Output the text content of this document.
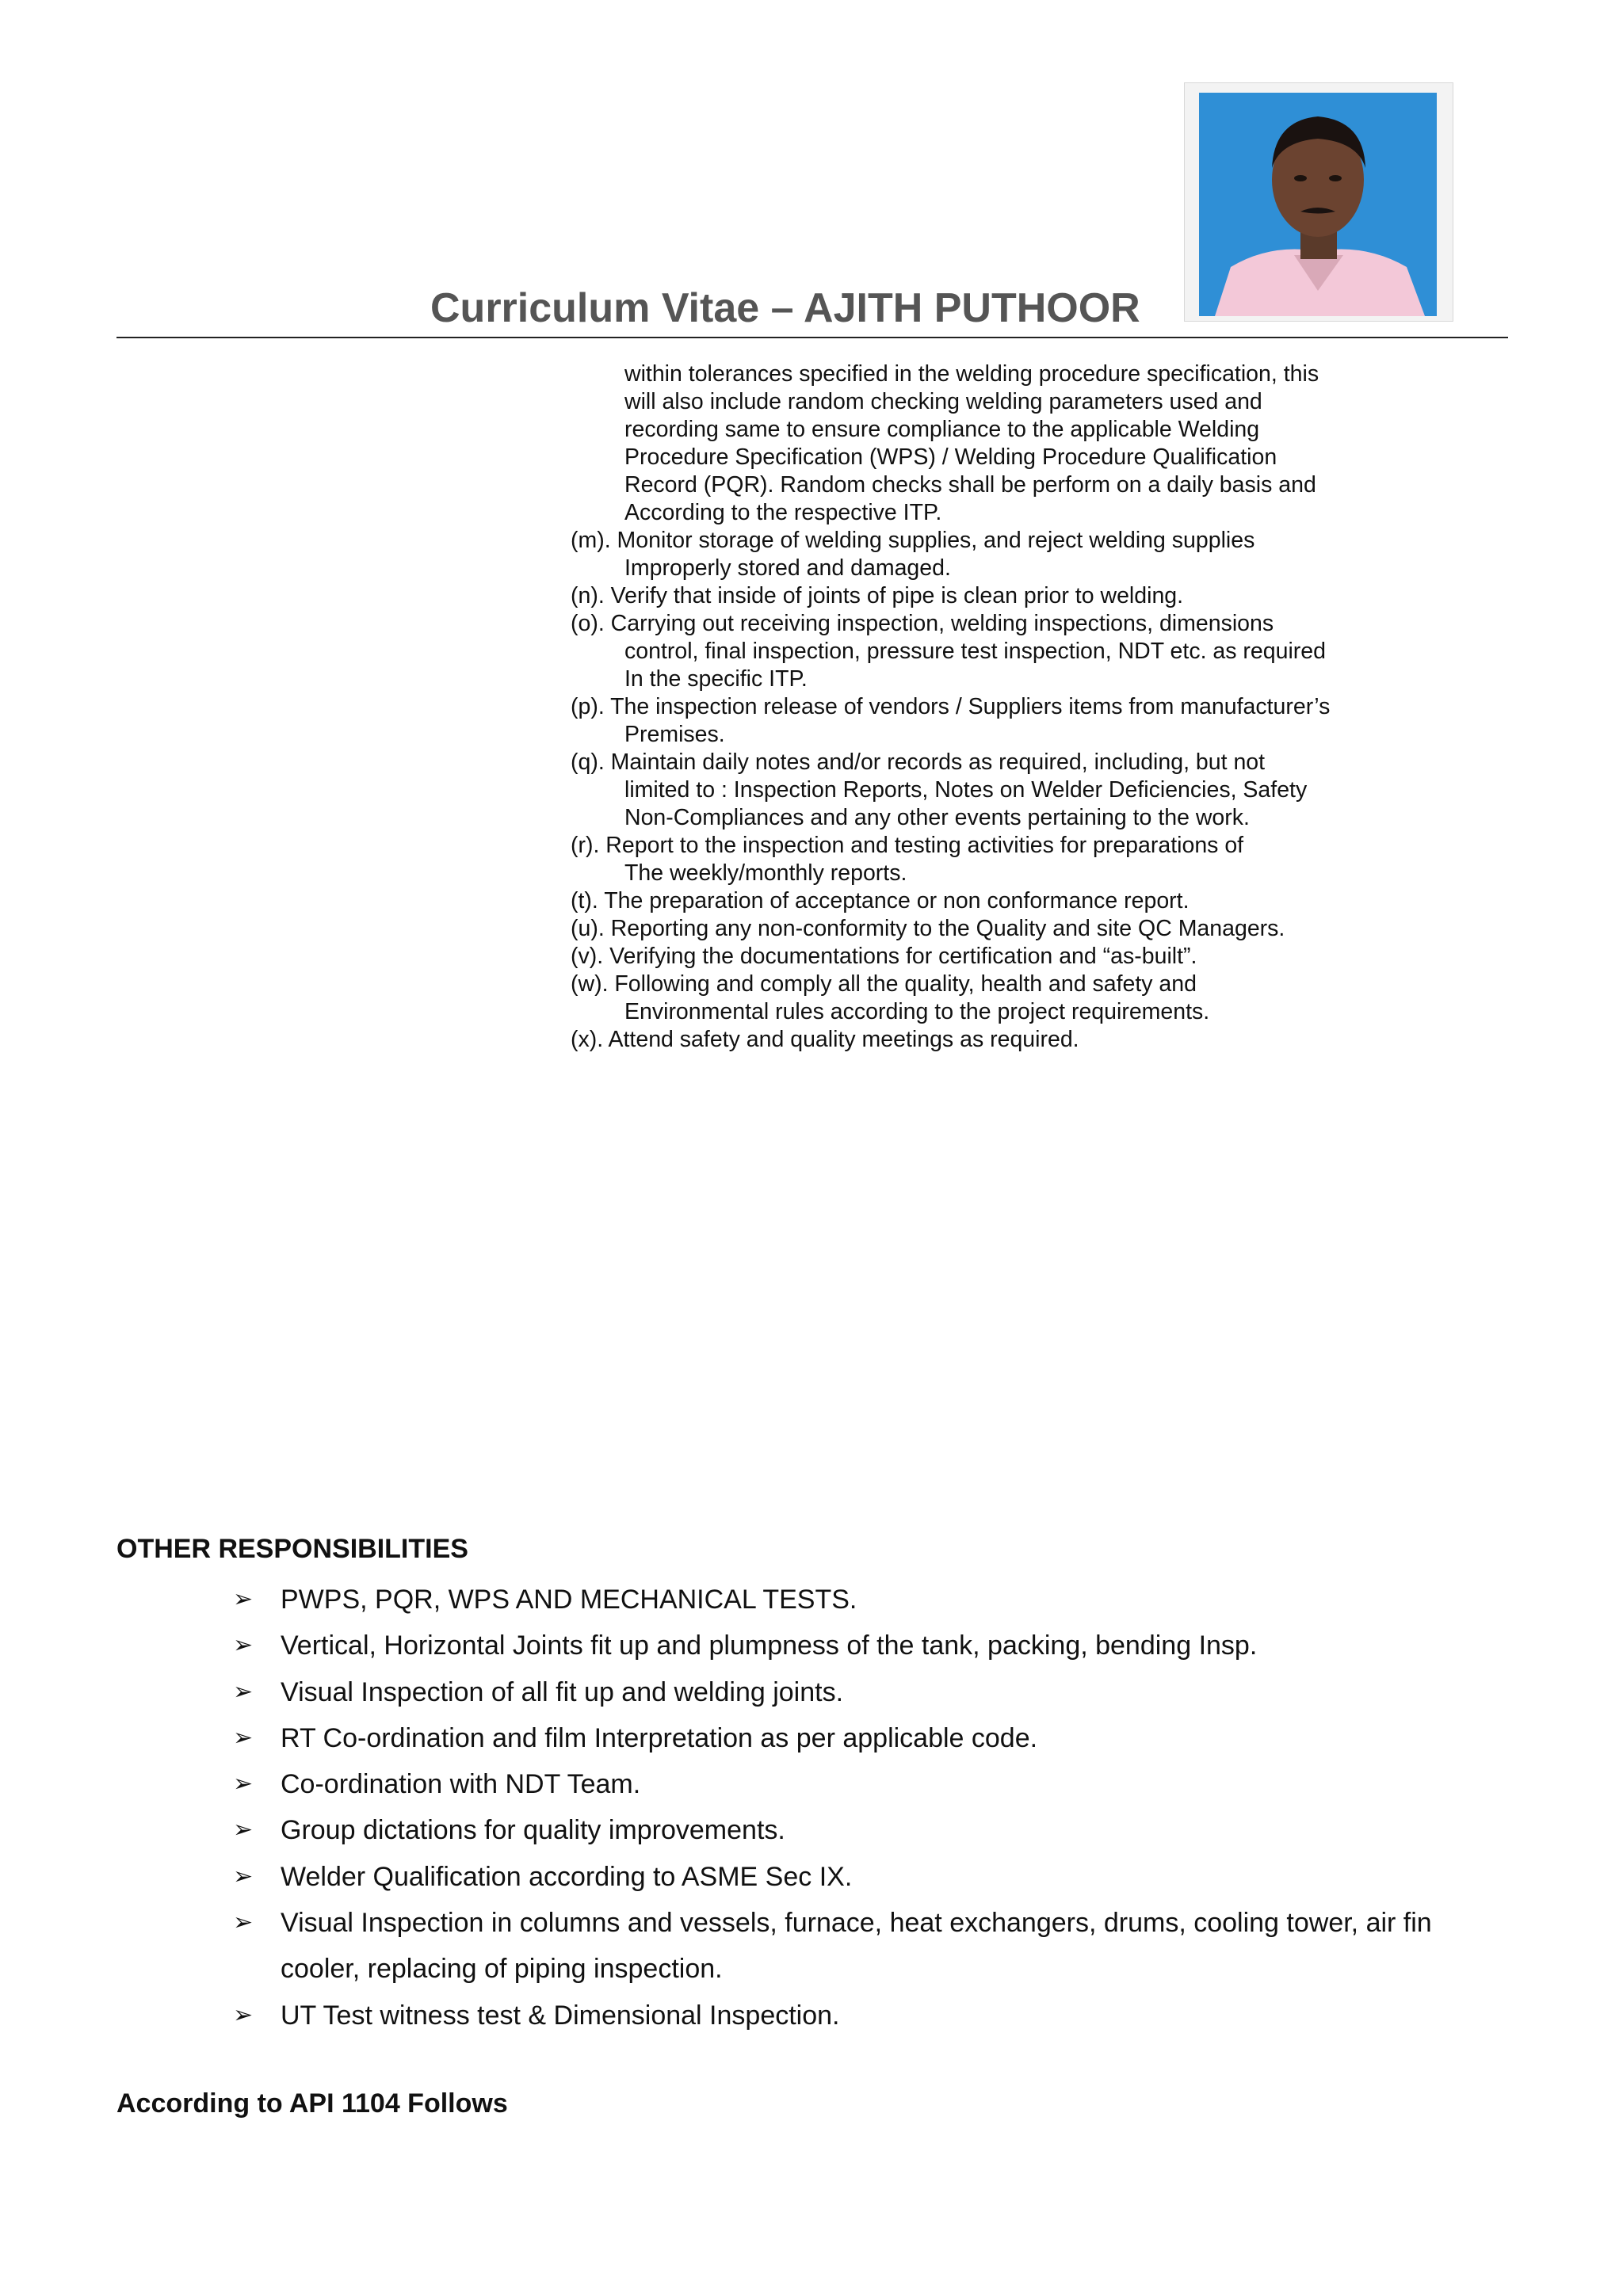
Curriculum Vitae – AJITH PUTHOOR
within tolerances specified in the welding procedure specification, this
will also include random checking welding parameters used and
recording same to ensure compliance to the applicable Welding
Procedure Specification (WPS) / Welding Procedure Qualification
Record (PQR). Random checks shall be perform on a daily basis and
According to the respective ITP.
(m). Monitor storage of welding supplies, and reject welding supplies
Improperly stored and damaged.
(n). Verify that inside of joints of pipe is clean prior to welding.
(o). Carrying out receiving inspection, welding inspections, dimensions
control, final inspection, pressure test inspection, NDT etc. as required
In the specific ITP.
(p). The inspection release of vendors / Suppliers items from manufacturer’s
Premises.
(q). Maintain daily notes and/or records as required, including, but not
limited to : Inspection Reports, Notes on Welder Deficiencies, Safety
Non-Compliances and any other events pertaining to the work.
(r). Report to the inspection and testing activities for preparations of
The weekly/monthly reports.
(t). The preparation of acceptance or non conformance report.
(u). Reporting any non-conformity to the Quality and site QC Managers.
(v). Verifying the documentations for certification and “as-built”.
(w). Following and comply all the quality, health and safety and
Environmental rules according to the project requirements.
(x). Attend safety and quality meetings as required.
OTHER RESPONSIBILITIES
➢ PWPS, PQR, WPS AND MECHANICAL TESTS.
➢ Vertical, Horizontal Joints fit up and plumpness of the tank, packing, bending Insp.
➢ Visual Inspection of all fit up and welding joints.
➢ RT Co-ordination and film Interpretation as per applicable code.
➢ Co-ordination with NDT Team.
➢ Group dictations for quality improvements.
➢ Welder Qualification according to ASME Sec IX.
➢ Visual Inspection in columns and vessels, furnace, heat exchangers, drums, cooling tower, air fin cooler, replacing of piping inspection.
➢ UT Test witness test & Dimensional Inspection.
According to API 1104 Follows
